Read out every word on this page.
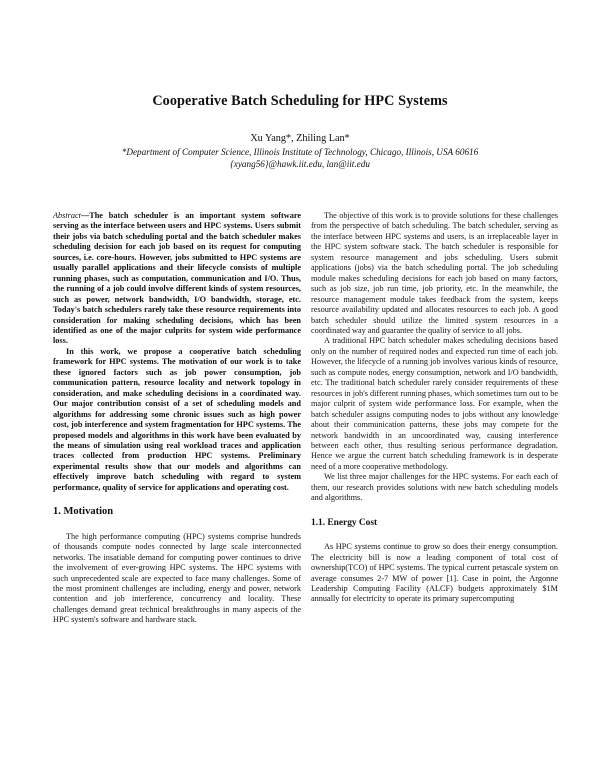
Cooperative Batch Scheduling for HPC Systems
Xu Yang*, Zhiling Lan*
*Department of Computer Science, Illinois Institute of Technology, Chicago, Illinois, USA 60616
{xyang56}@hawk.iit.edu, lan@iit.edu

Abstract—The batch scheduler is an important system software serving as the interface between users and HPC systems. Users submit their jobs via batch scheduling portal and the batch scheduler makes scheduling decision for each job based on its request for computing sources, i.e. core-hours. However, jobs submitted to HPC systems are usually parallel applications and their lifecycle consists of multiple running phases, such as computation, communication and I/O. Thus, the running of a job could involve different kinds of system resources, such as power, network bandwidth, I/O bandwidth, storage, etc. Today's batch schedulers rarely take these resource requirements into consideration for making scheduling decisions, which has been identified as one of the major culprits for system wide performance loss.

In this work, we propose a cooperative batch scheduling framework for HPC systems. The motivation of our work is to take these ignored factors such as job power consumption, job communication pattern, resource locality and network topology in consideration, and make scheduling decisions in a coordinated way. Our major contribution consist of a set of scheduling models and algorithms for addressing some chronic issues such as high power cost, job interference and system fragmentation for HPC systems. The proposed models and algorithms in this work have been evaluated by the means of simulation using real workload traces and application traces collected from production HPC systems. Preliminary experimental results show that our models and algorithms can effectively improve batch scheduling with regard to system performance, quality of service for applications and operating cost.

1. Motivation

The high performance computing (HPC) systems comprise hundreds of thousands compute nodes connected by large scale interconnected networks. The insatiable demand for computing power continues to drive the involvement of ever-growing HPC systems. The HPC systems with such unprecedented scale are expected to face many challenges. Some of the most prominent challenges are including, energy and power, network contention and job interference, concurrency and locality. These challenges demand great technical breakthroughs in many aspects of the HPC system's software and hardware stack.

The objective of this work is to provide solutions for these challenges from the perspective of batch scheduling. The batch scheduler, serving as the interface between HPC systems and users, is an irreplaceable layer in the HPC system software stack. The batch scheduler is responsible for system resource management and jobs scheduling. Users submit applications (jobs) via the batch scheduling portal. The job scheduling module makes scheduling decisions for each job based on many factors, such as job size, job run time, job priority, etc. In the meanwhile, the resource management module takes feedback from the system, keeps resource availability updated and allocates resources to each job. A good batch scheduler should utilize the limited system resources in a coordinated way and guarantee the quality of service to all jobs.

A traditional HPC batch scheduler makes scheduling decisions based only on the number of required nodes and expected run time of each job. However, the lifecycle of a running job involves various kinds of resource, such as compute nodes, energy consumption, network and I/O bandwidth, etc. The traditional batch scheduler rarely consider requirements of these resources in job's different running phases, which sometimes turn out to be major culprit of system wide performance loss. For example, when the batch scheduler assigns computing nodes to jobs without any knowledge about their communication patterns, these jobs may compete for the network bandwidth in an uncoordinated way, causing interference between each other, thus resulting serious performance degradation. Hence we argue the current batch scheduling framework is in desperate need of a more cooperative methodology.

We list three major challenges for the HPC systems. For each each of them, our research provides solutions with new batch scheduling models and algorithms.

1.1. Energy Cost

As HPC systems continue to grow so does their energy consumption. The electricity bill is now a leading component of total cost of ownership(TCO) of HPC systems. The typical current petascale system on average consumes 2-7 MW of power [1]. Case in point, the Argonne Leadership Computing Facility (ALCF) budgets approximately $1M annually for electricity to operate its primary supercomputing
